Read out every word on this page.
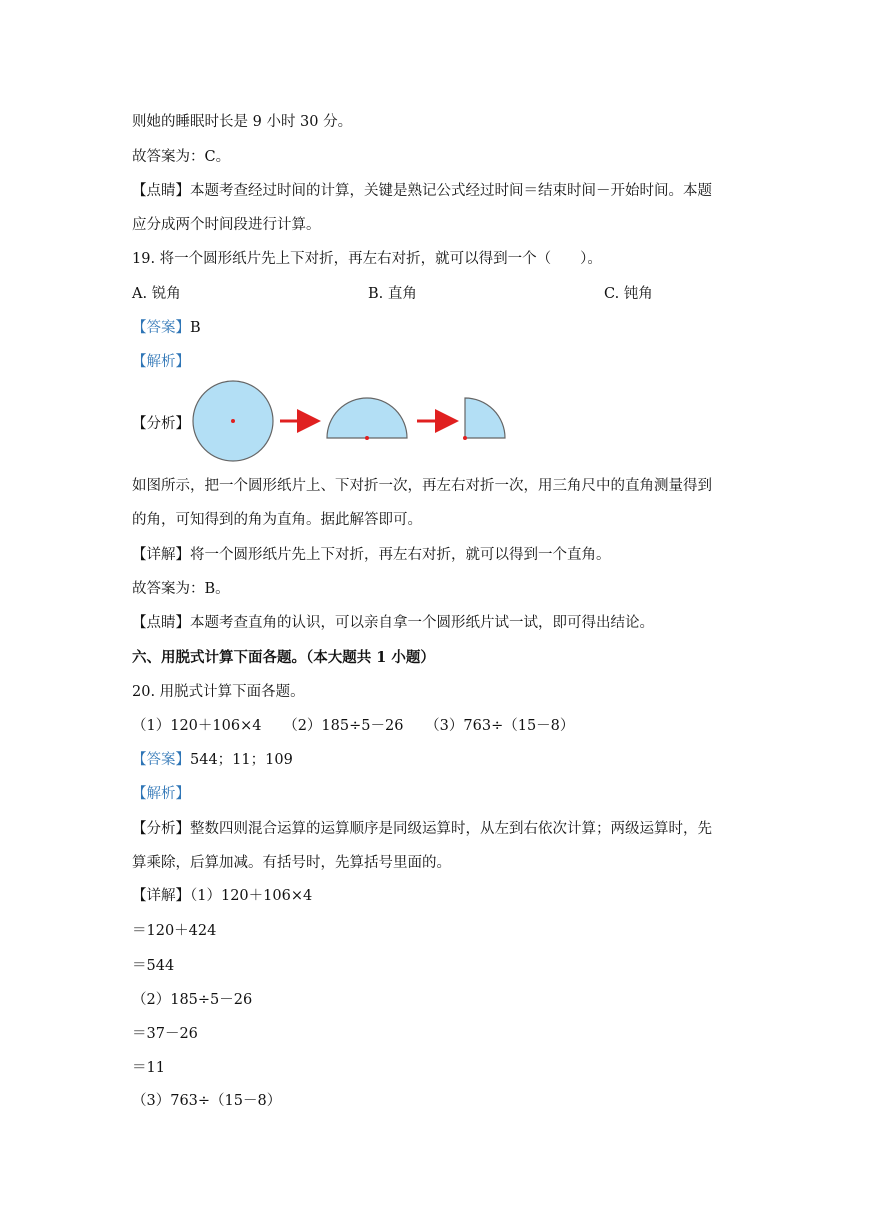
则她的睡眠时长是 9 小时 30 分。
故答案为：C。
【点睛】本题考查经过时间的计算，关键是熟记公式经过时间＝结束时间－开始时间。本题
应分成两个时间段进行计算。
19. 将一个圆形纸片先上下对折，再左右对折，就可以得到一个（　　）。
A. 锐角	B. 直角	C. 钝角
【答案】B
【解析】
【分析】
如图所示，把一个圆形纸片上、下对折一次，再左右对折一次，用三角尺中的直角测量得到
的角，可知得到的角为直角。据此解答即可。
【详解】将一个圆形纸片先上下对折，再左右对折，就可以得到一个直角。
故答案为：B。
【点睛】本题考查直角的认识，可以亲自拿一个圆形纸片试一试，即可得出结论。
六、用脱式计算下面各题。（本大题共 1 小题）
20. 用脱式计算下面各题。
（1）120＋106×4　　（2）185÷5－26　　（3）763÷（15－8）
【答案】544；11；109
【解析】
【分析】整数四则混合运算的运算顺序是同级运算时，从左到右依次计算；两级运算时，先
算乘除，后算加减。有括号时，先算括号里面的。
【详解】（1）120＋106×4
＝120＋424
＝544
（2）185÷5－26
＝37－26
＝11
（3）763÷（15－8）
